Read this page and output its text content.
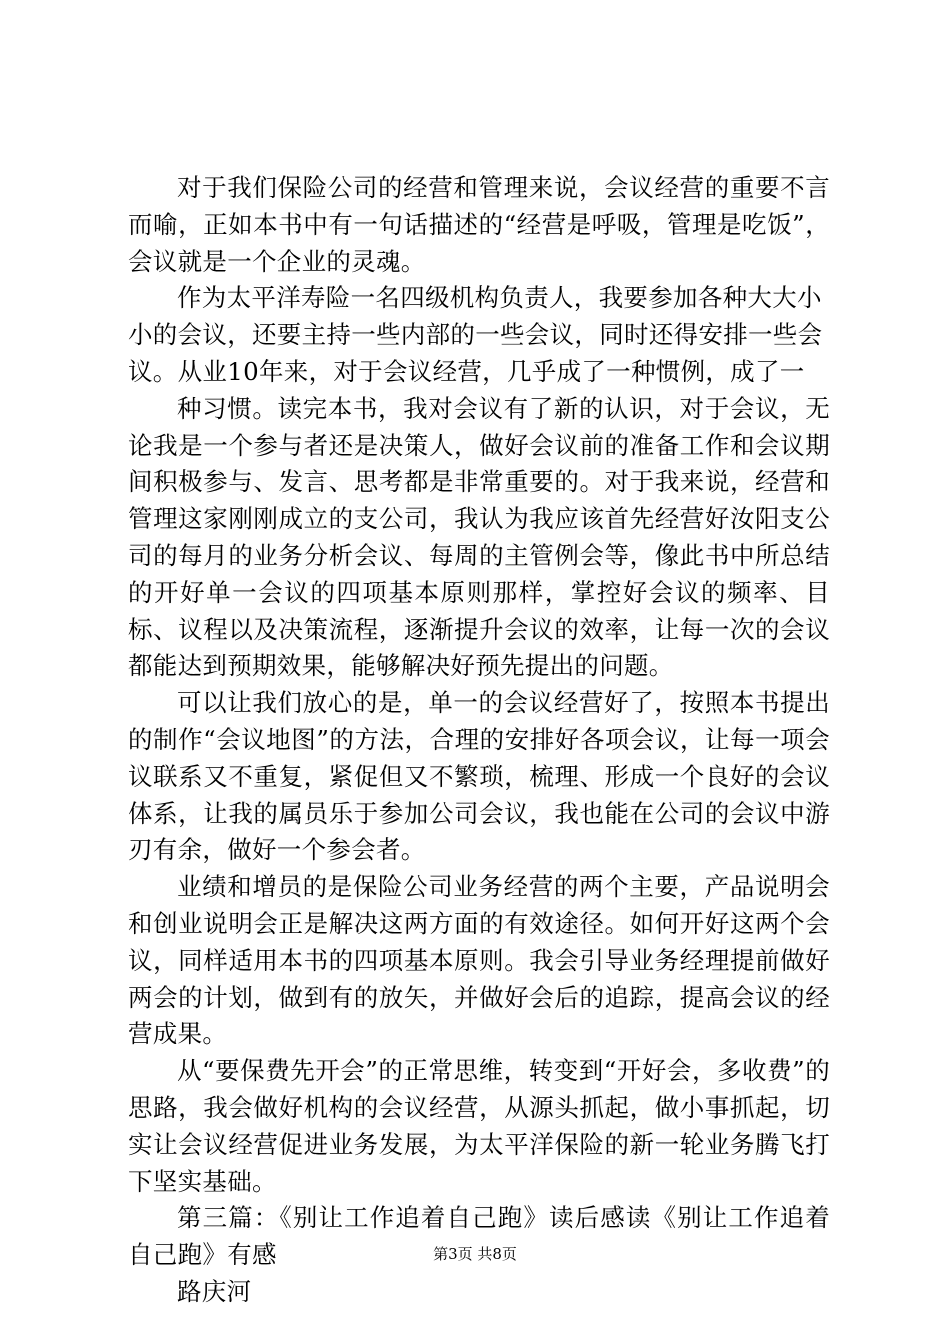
对于我们保险公司的经营和管理来说，会议经营的重要不言而喻，正如本书中有一句话描述的“经营是呼吸，管理是吃饭”，会议就是一个企业的灵魂。

作为太平洋寿险一名四级机构负责人，我要参加各种大大小小的会议，还要主持一些内部的一些会议，同时还得安排一些会议。从业10年来，对于会议经营，几乎成了一种惯例，成了一

种习惯。读完本书，我对会议有了新的认识，对于会议，无论我是一个参与者还是决策人，做好会议前的准备工作和会议期间积极参与、发言、思考都是非常重要的。对于我来说，经营和管理这家刚刚成立的支公司，我认为我应该首先经营好汝阳支公司的每月的业务分析会议、每周的主管例会等，像此书中所总结的开好单一会议的四项基本原则那样，掌控好会议的频率、目标、议程以及决策流程，逐渐提升会议的效率，让每一次的会议都能达到预期效果，能够解决好预先提出的问题。

可以让我们放心的是，单一的会议经营好了，按照本书提出的制作“会议地图”的方法，合理的安排好各项会议，让每一项会议联系又不重复，紧促但又不繁琐，梳理、形成一个良好的会议体系，让我的属员乐于参加公司会议，我也能在公司的会议中游刃有余，做好一个参会者。

业绩和增员的是保险公司业务经营的两个主要，产品说明会和创业说明会正是解决这两方面的有效途径。如何开好这两个会议，同样适用本书的四项基本原则。我会引导业务经理提前做好两会的计划，做到有的放矢，并做好会后的追踪，提高会议的经营成果。

从“要保费先开会”的正常思维，转变到“开好会，多收费”的思路，我会做好机构的会议经营，从源头抓起，做小事抓起，切实让会议经营促进业务发展，为太平洋保险的新一轮业务腾飞打下坚实基础。

第三篇：《别让工作追着自己跑》读后感读《别让工作追着自己跑》有感

路庆河

第3页 共8页
